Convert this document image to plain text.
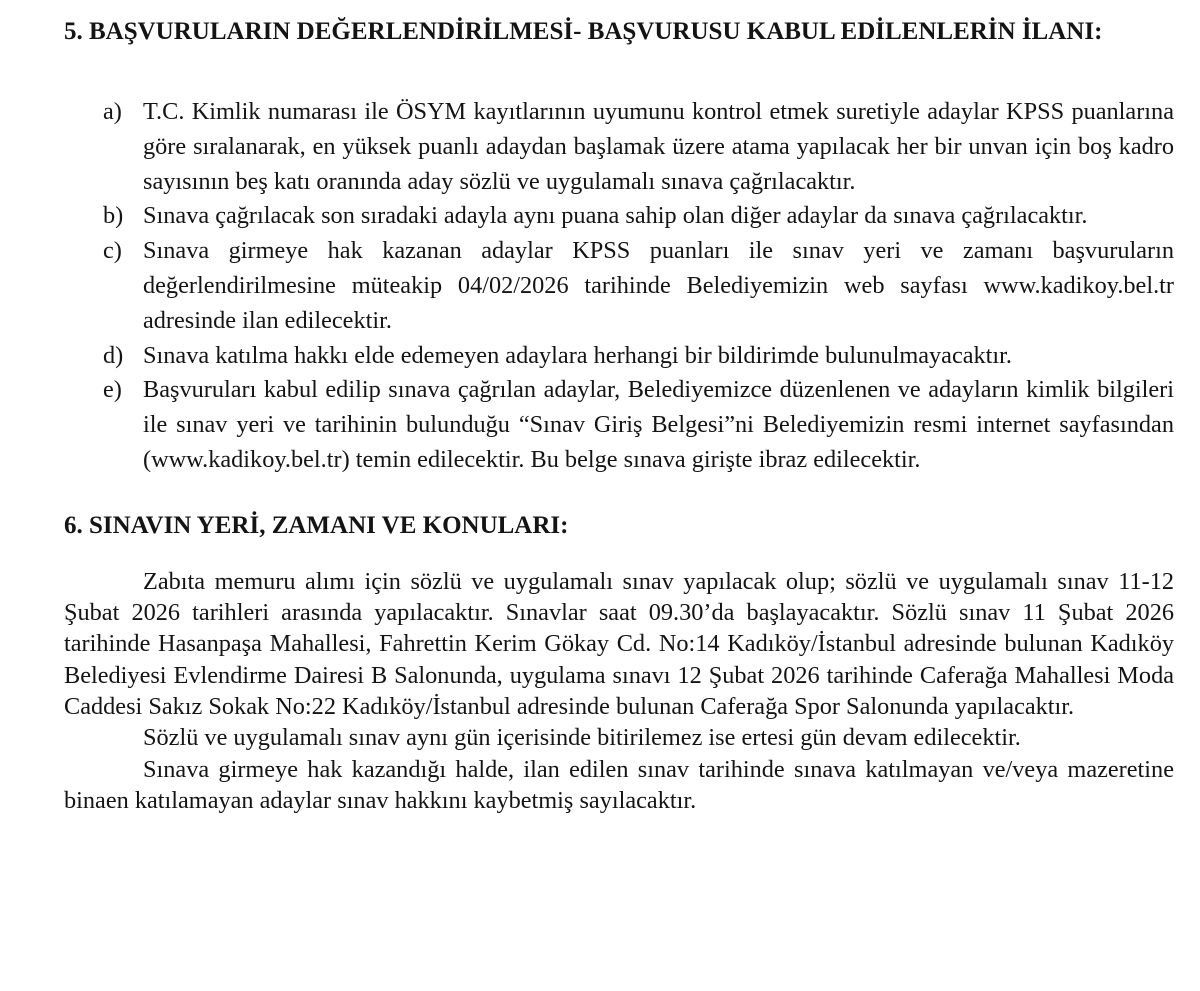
5. BAŞVURULARIN DEĞERLENDİRİLMESİ- BAŞVURUSU KABUL EDİLENLERİN İLANI:
a) T.C. Kimlik numarası ile ÖSYM kayıtlarının uyumunu kontrol etmek suretiyle adaylar KPSS puanlarına göre sıralanarak, en yüksek puanlı adaydan başlamak üzere atama yapılacak her bir unvan için boş kadro sayısının beş katı oranında aday sözlü ve uygulamalı sınava çağrılacaktır.
b) Sınava çağrılacak son sıradaki adayla aynı puana sahip olan diğer adaylar da sınava çağrılacaktır.
c) Sınava girmeye hak kazanan adaylar KPSS puanları ile sınav yeri ve zamanı başvuruların değerlendirilmesine müteakip 04/02/2026 tarihinde Belediyemizin web sayfası www.kadikoy.bel.tr adresinde ilan edilecektir.
d) Sınava katılma hakkı elde edemeyen adaylara herhangi bir bildirimde bulunulmayacaktır.
e) Başvuruları kabul edilip sınava çağrılan adaylar, Belediyemizce düzenlenen ve adayların kimlik bilgileri ile sınav yeri ve tarihinin bulunduğu “Sınav Giriş Belgesi”ni Belediyemizin resmi internet sayfasından (www.kadikoy.bel.tr) temin edilecektir. Bu belge sınava girişte ibraz edilecektir.
6. SINAVIN YERİ, ZAMANI VE KONULARI:

Zabıta memuru alımı için sözlü ve uygulamalı sınav yapılacak olup; sözlü ve uygulamalı sınav 11-12 Şubat 2026 tarihleri arasında yapılacaktır. Sınavlar saat 09.30’da başlayacaktır. Sözlü sınav 11 Şubat 2026 tarihinde Hasanpaşa Mahallesi, Fahrettin Kerim Gökay Cd. No:14 Kadıköy/İstanbul adresinde bulunan Kadıköy Belediyesi Evlendirme Dairesi B Salonunda, uygulama sınavı 12 Şubat 2026 tarihinde Caferağa Mahallesi Moda Caddesi Sakız Sokak No:22 Kadıköy/İstanbul adresinde bulunan Caferağa Spor Salonunda yapılacaktır.

Sözlü ve uygulamalı sınav aynı gün içerisinde bitirilemez ise ertesi gün devam edilecektir.

Sınava girmeye hak kazandığı halde, ilan edilen sınav tarihinde sınava katılmayan ve/veya mazeretine binaen katılamayan adaylar sınav hakkını kaybetmiş sayılacaktır.
